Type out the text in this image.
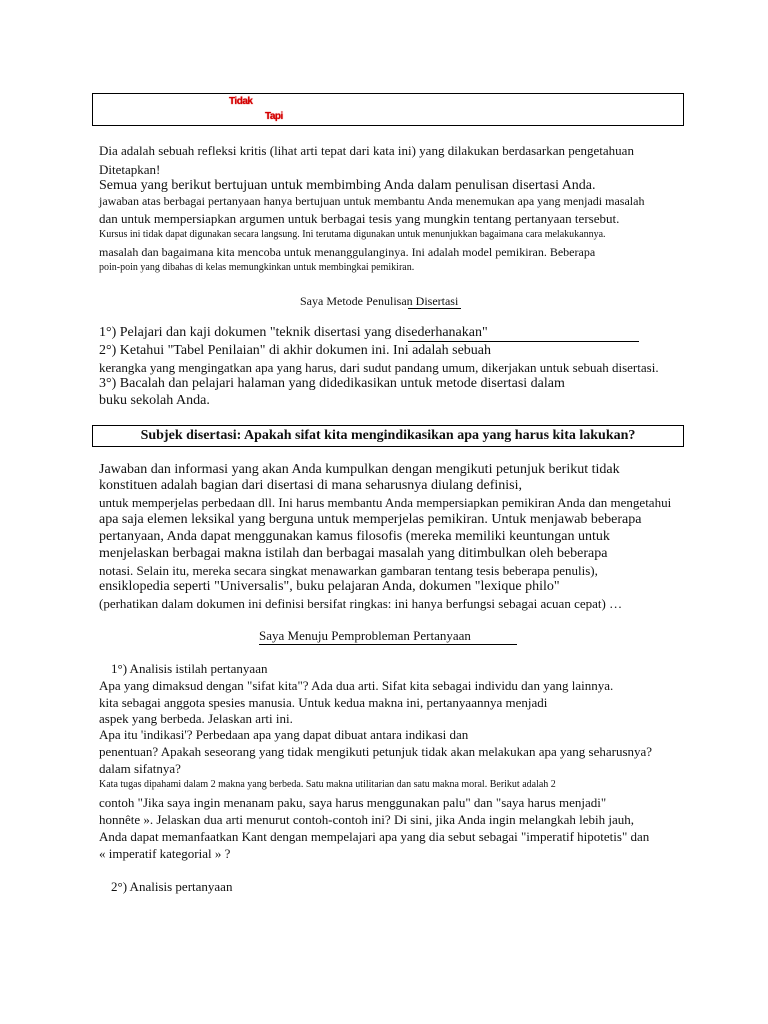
Tidak
Tapi
Dia adalah sebuah refleksi kritis (lihat arti tepat dari kata ini) yang dilakukan berdasarkan pengetahuan
Ditetapkan!
Semua yang berikut bertujuan untuk membimbing Anda dalam penulisan disertasi Anda.
jawaban atas berbagai pertanyaan hanya bertujuan untuk membantu Anda menemukan apa yang menjadi masalah
dan untuk mempersiapkan argumen untuk berbagai tesis yang mungkin tentang pertanyaan tersebut.
Kursus ini tidak dapat digunakan secara langsung. Ini terutama digunakan untuk menunjukkan bagaimana cara melakukannya.
masalah dan bagaimana kita mencoba untuk menanggulanginya. Ini adalah model pemikiran. Beberapa
poin-poin yang dibahas di kelas memungkinkan untuk membingkai pemikiran.
Saya Metode Penulisan Disertasi
1°) Pelajari dan kaji dokumen "teknik disertasi yang disederhanakan"
2°) Ketahui "Tabel Penilaian" di akhir dokumen ini. Ini adalah sebuah
kerangka yang mengingatkan apa yang harus, dari sudut pandang umum, dikerjakan untuk sebuah disertasi.
3°) Bacalah dan pelajari halaman yang didedikasikan untuk metode disertasi dalam
buku sekolah Anda.
Subjek disertasi: Apakah sifat kita mengindikasikan apa yang harus kita lakukan?
Jawaban dan informasi yang akan Anda kumpulkan dengan mengikuti petunjuk berikut tidak
konstituen adalah bagian dari disertasi di mana seharusnya diulang definisi,
untuk memperjelas perbedaan dll. Ini harus membantu Anda mempersiapkan pemikiran Anda dan mengetahui
apa saja elemen leksikal yang berguna untuk memperjelas pemikiran. Untuk menjawab beberapa
pertanyaan, Anda dapat menggunakan kamus filosofis (mereka memiliki keuntungan untuk
menjelaskan berbagai makna istilah dan berbagai masalah yang ditimbulkan oleh beberapa
notasi. Selain itu, mereka secara singkat menawarkan gambaran tentang tesis beberapa penulis),
ensiklopedia seperti "Universalis", buku pelajaran Anda, dokumen "lexique philo"
(perhatikan dalam dokumen ini definisi bersifat ringkas: ini hanya berfungsi sebagai acuan cepat) …
Saya Menuju Pemprobleman Pertanyaan
1°) Analisis istilah pertanyaan
Apa yang dimaksud dengan "sifat kita"? Ada dua arti. Sifat kita sebagai individu dan yang lainnya.
kita sebagai anggota spesies manusia. Untuk kedua makna ini, pertanyaannya menjadi
aspek yang berbeda. Jelaskan arti ini.
Apa itu 'indikasi'? Perbedaan apa yang dapat dibuat antara indikasi dan
penentuan? Apakah seseorang yang tidak mengikuti petunjuk tidak akan melakukan apa yang seharusnya?
dalam sifatnya?
Kata tugas dipahami dalam 2 makna yang berbeda. Satu makna utilitarian dan satu makna moral. Berikut adalah 2
contoh "Jika saya ingin menanam paku, saya harus menggunakan palu" dan "saya harus menjadi"
honnête ». Jelaskan dua arti menurut contoh-contoh ini? Di sini, jika Anda ingin melangkah lebih jauh,
Anda dapat memanfaatkan Kant dengan mempelajari apa yang dia sebut sebagai "imperatif hipotetis" dan
« imperatif kategorial » ?
2°) Analisis pertanyaan
